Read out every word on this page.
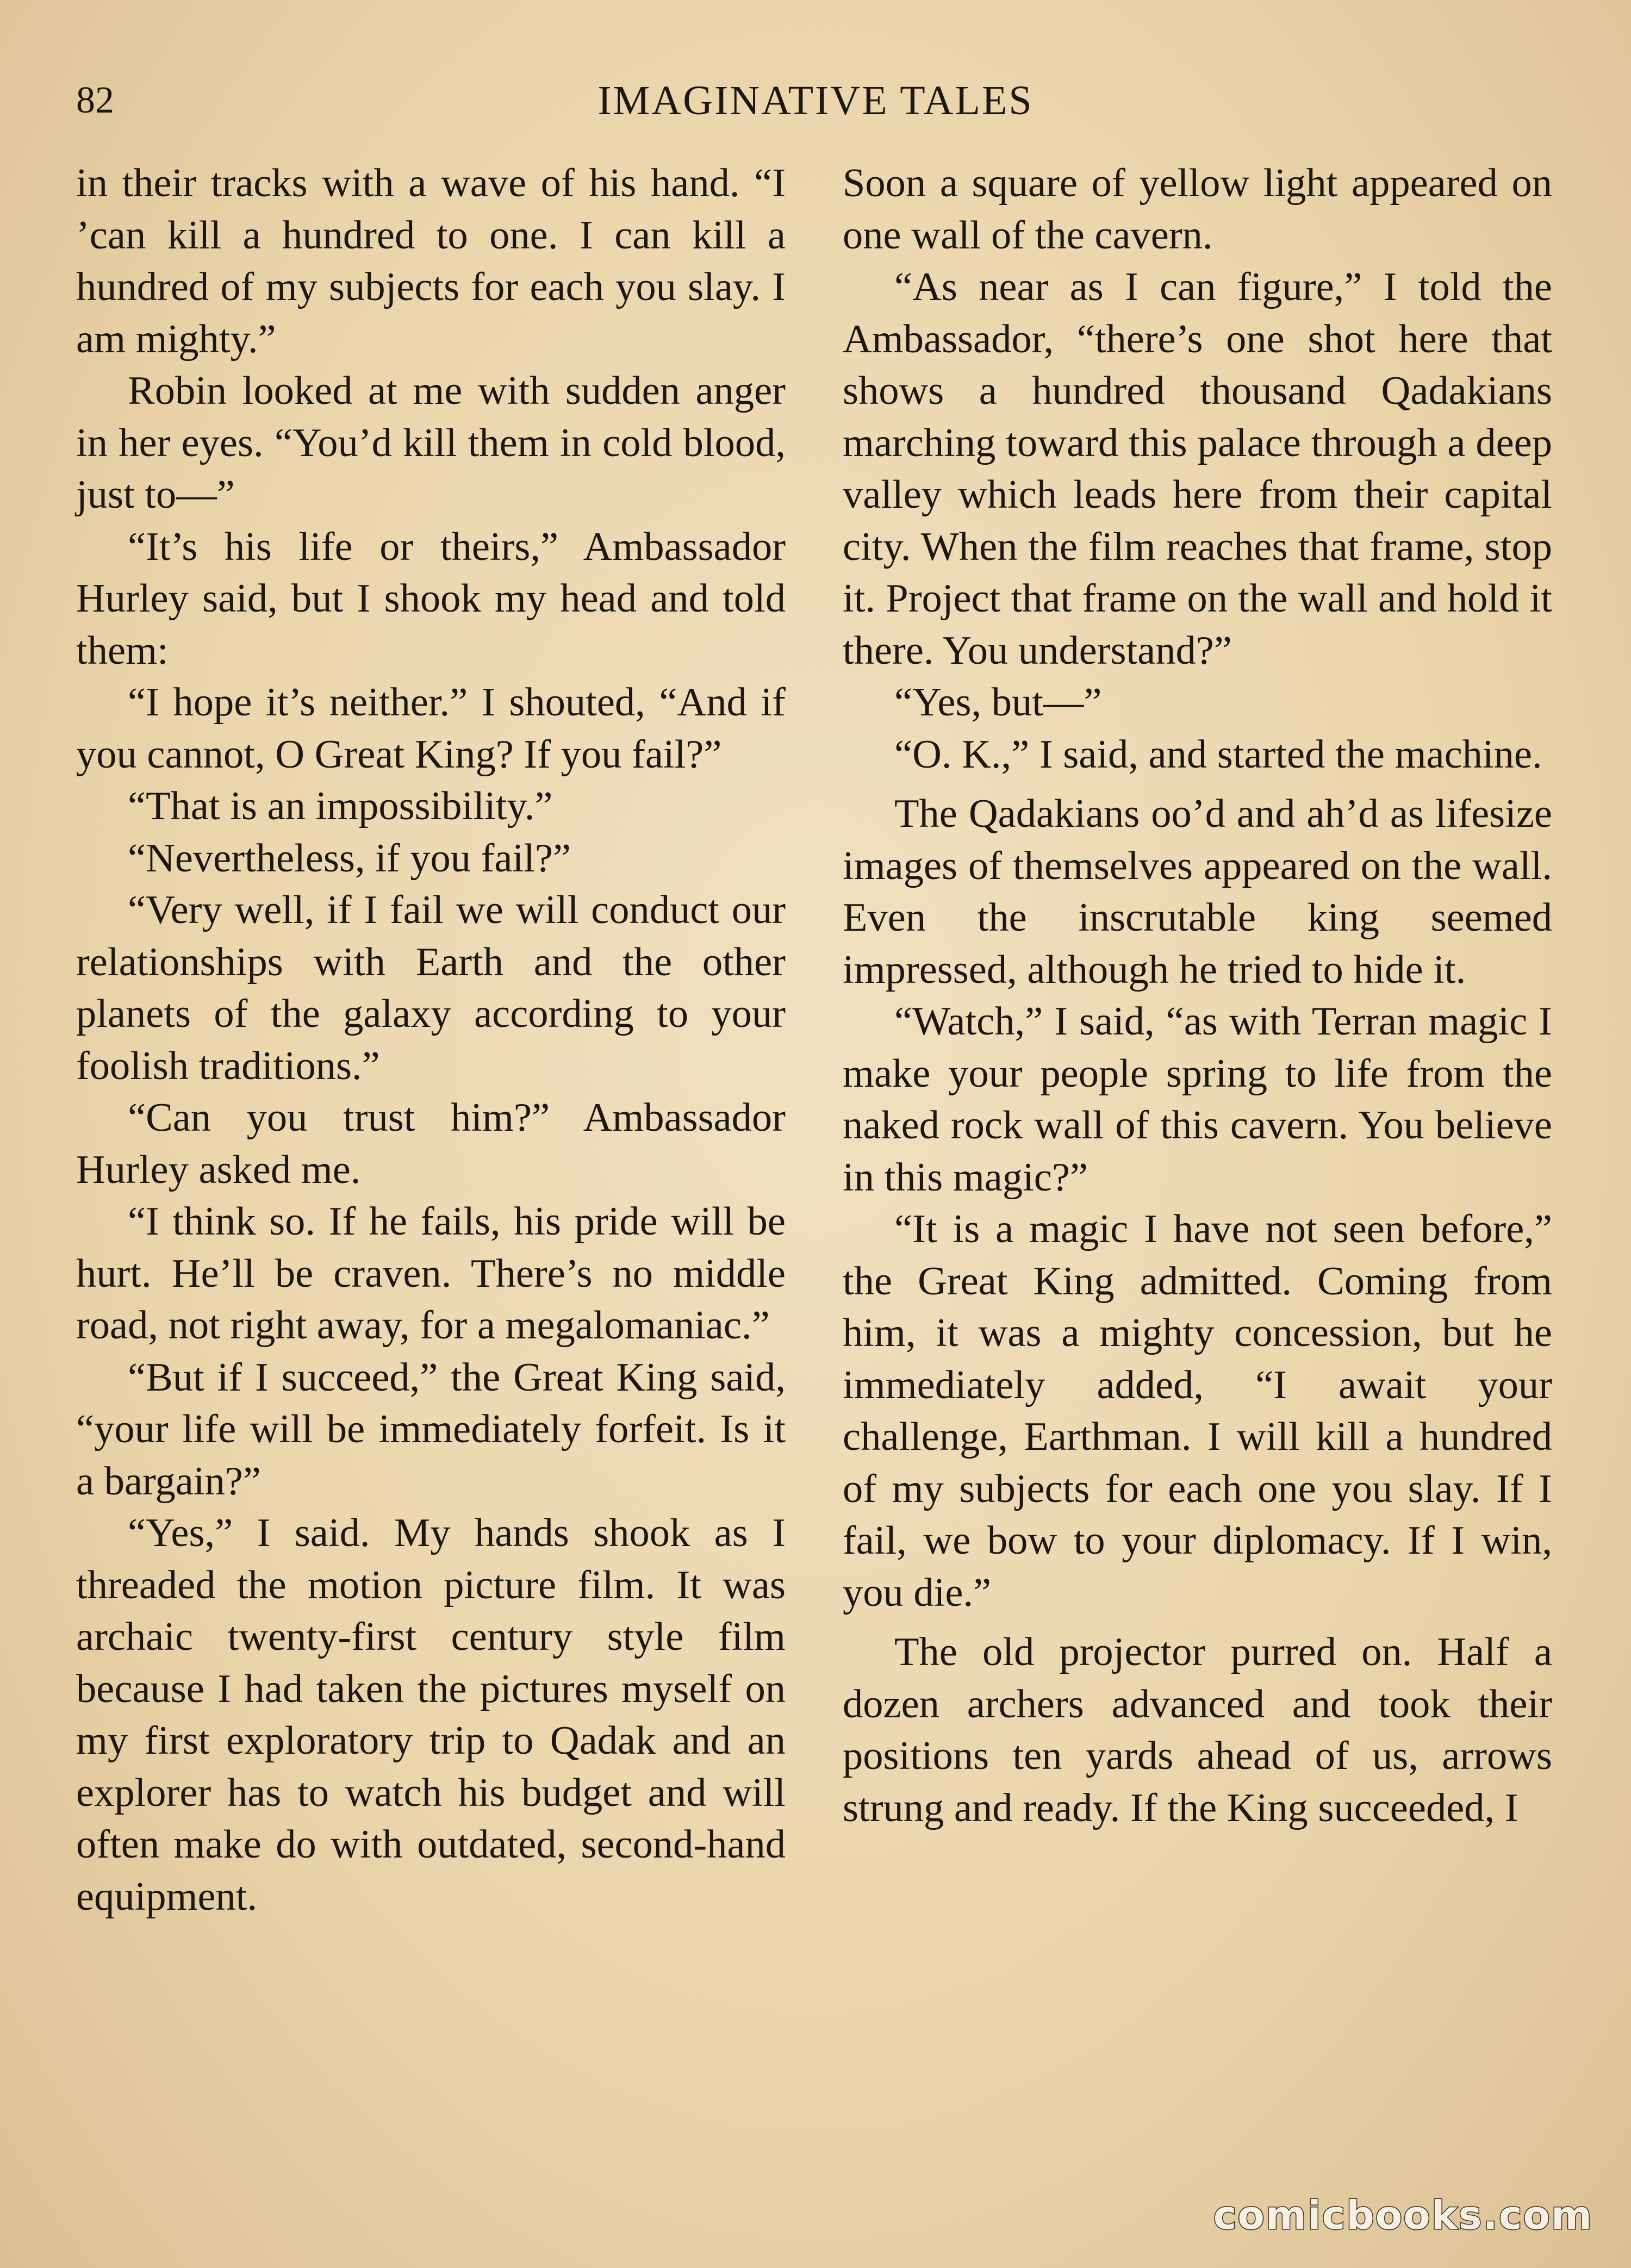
82	IMAGINATIVE TALES

in their tracks with a wave of his hand. “I ’can kill a hundred to one. I can kill a hundred of my subjects for each you slay. I am mighty.”

Robin looked at me with sudden anger in her eyes. “You’d kill them in cold blood, just to—”

“It’s his life or theirs,” Ambassador Hurley said, but I shook my head and told them:

“I hope it’s neither.” I shouted, “And if you cannot, O Great King? If you fail?”

“That is an impossibility.”

“Nevertheless, if you fail?”

“Very well, if I fail we will conduct our relationships with Earth and the other planets of the galaxy according to your foolish traditions.”

“Can you trust him?” Ambassador Hurley asked me.

“I think so. If he fails, his pride will be hurt. He’ll be craven. There’s no middle road, not right away, for a megalomaniac.”

“But if I succeed,” the Great King said, “your life will be immediately forfeit. Is it a bargain?”

“Yes,” I said. My hands shook as I threaded the motion picture film. It was archaic twenty-first century style film because I had taken the pictures myself on my first exploratory trip to Qadak and an explorer has to watch his budget and will often make do with outdated, second-hand equipment.

Soon a square of yellow light appeared on one wall of the cavern.

“As near as I can figure,” I told the Ambassador, “there’s one shot here that shows a hundred thousand Qadakians marching toward this palace through a deep valley which leads here from their capital city. When the film reaches that frame, stop it. Project that frame on the wall and hold it there. You understand?”

“Yes, but—”

“O. K.,” I said, and started the machine.

The Qadakians oo’d and ah’d as lifesize images of themselves appeared on the wall. Even the inscrutable king seemed impressed, although he tried to hide it.

“Watch,” I said, “as with Terran magic I make your people spring to life from the naked rock wall of this cavern. You believe in this magic?”

“It is a magic I have not seen before,” the Great King admitted. Coming from him, it was a mighty concession, but he immediately added, “I await your challenge, Earthman. I will kill a hundred of my subjects for each one you slay. If I fail, we bow to your diplomacy. If I win, you die.”

The old projector purred on. Half a dozen archers advanced and took their positions ten yards ahead of us, arrows strung and ready. If the King succeeded, I

comicbooks.com
